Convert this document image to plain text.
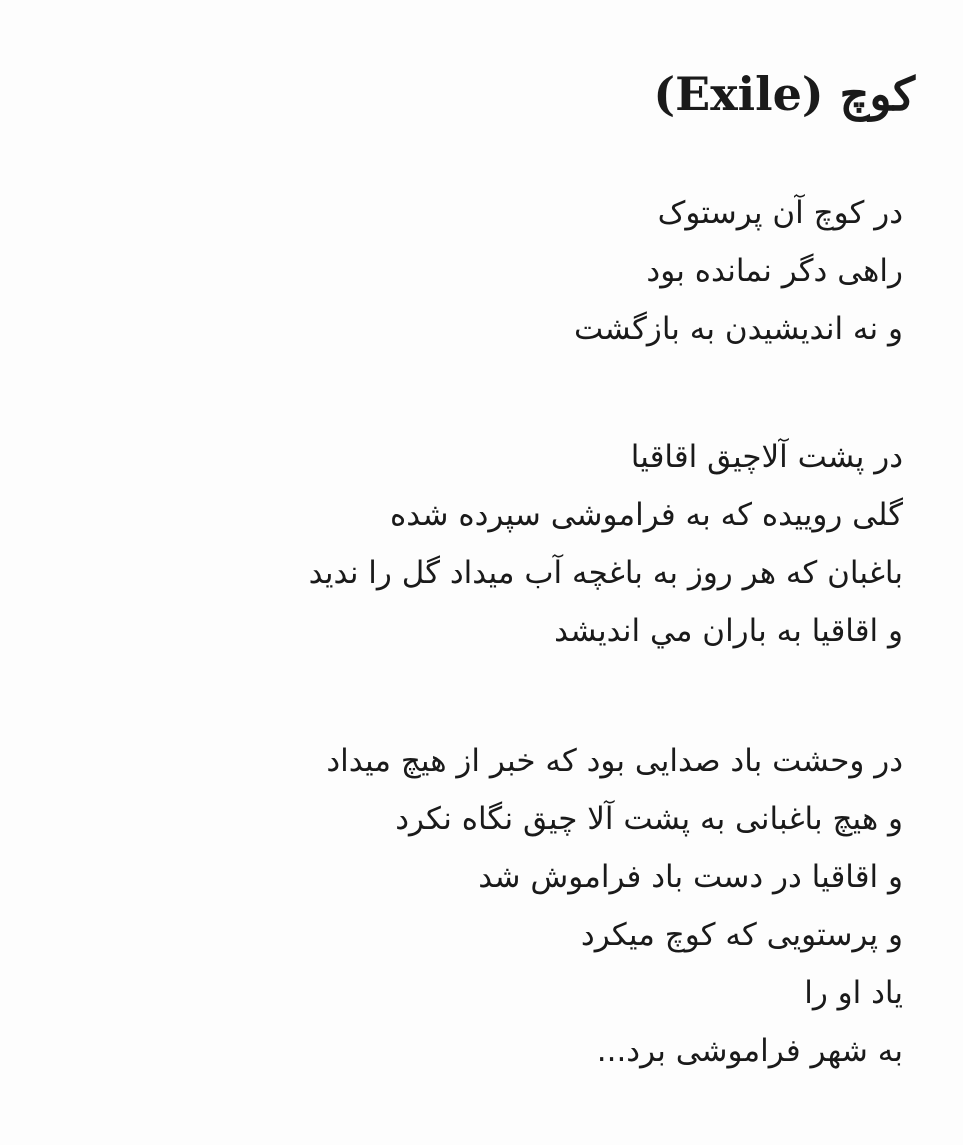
کوچ (Exile)
در کوچ آن پرستوک
راهی دگر نمانده بود
و نه اندیشیدن به بازگشت
در پشت آلاچیق اقاقیا
گلی روییده که به فراموشی سپرده شده
باغبان که هر روز به باغچه آب میداد گل را ندید
و اقاقیا به باران مي انديشد
در وحشت باد صدایی بود که خبر از هیچ میداد
و هیچ باغبانی به پشت آلا چیق نگاه نکرد
و اقاقیا در دست باد فراموش شد
و پرستویی که کوچ میکرد
یاد او را
به شهر فراموشی برد...
